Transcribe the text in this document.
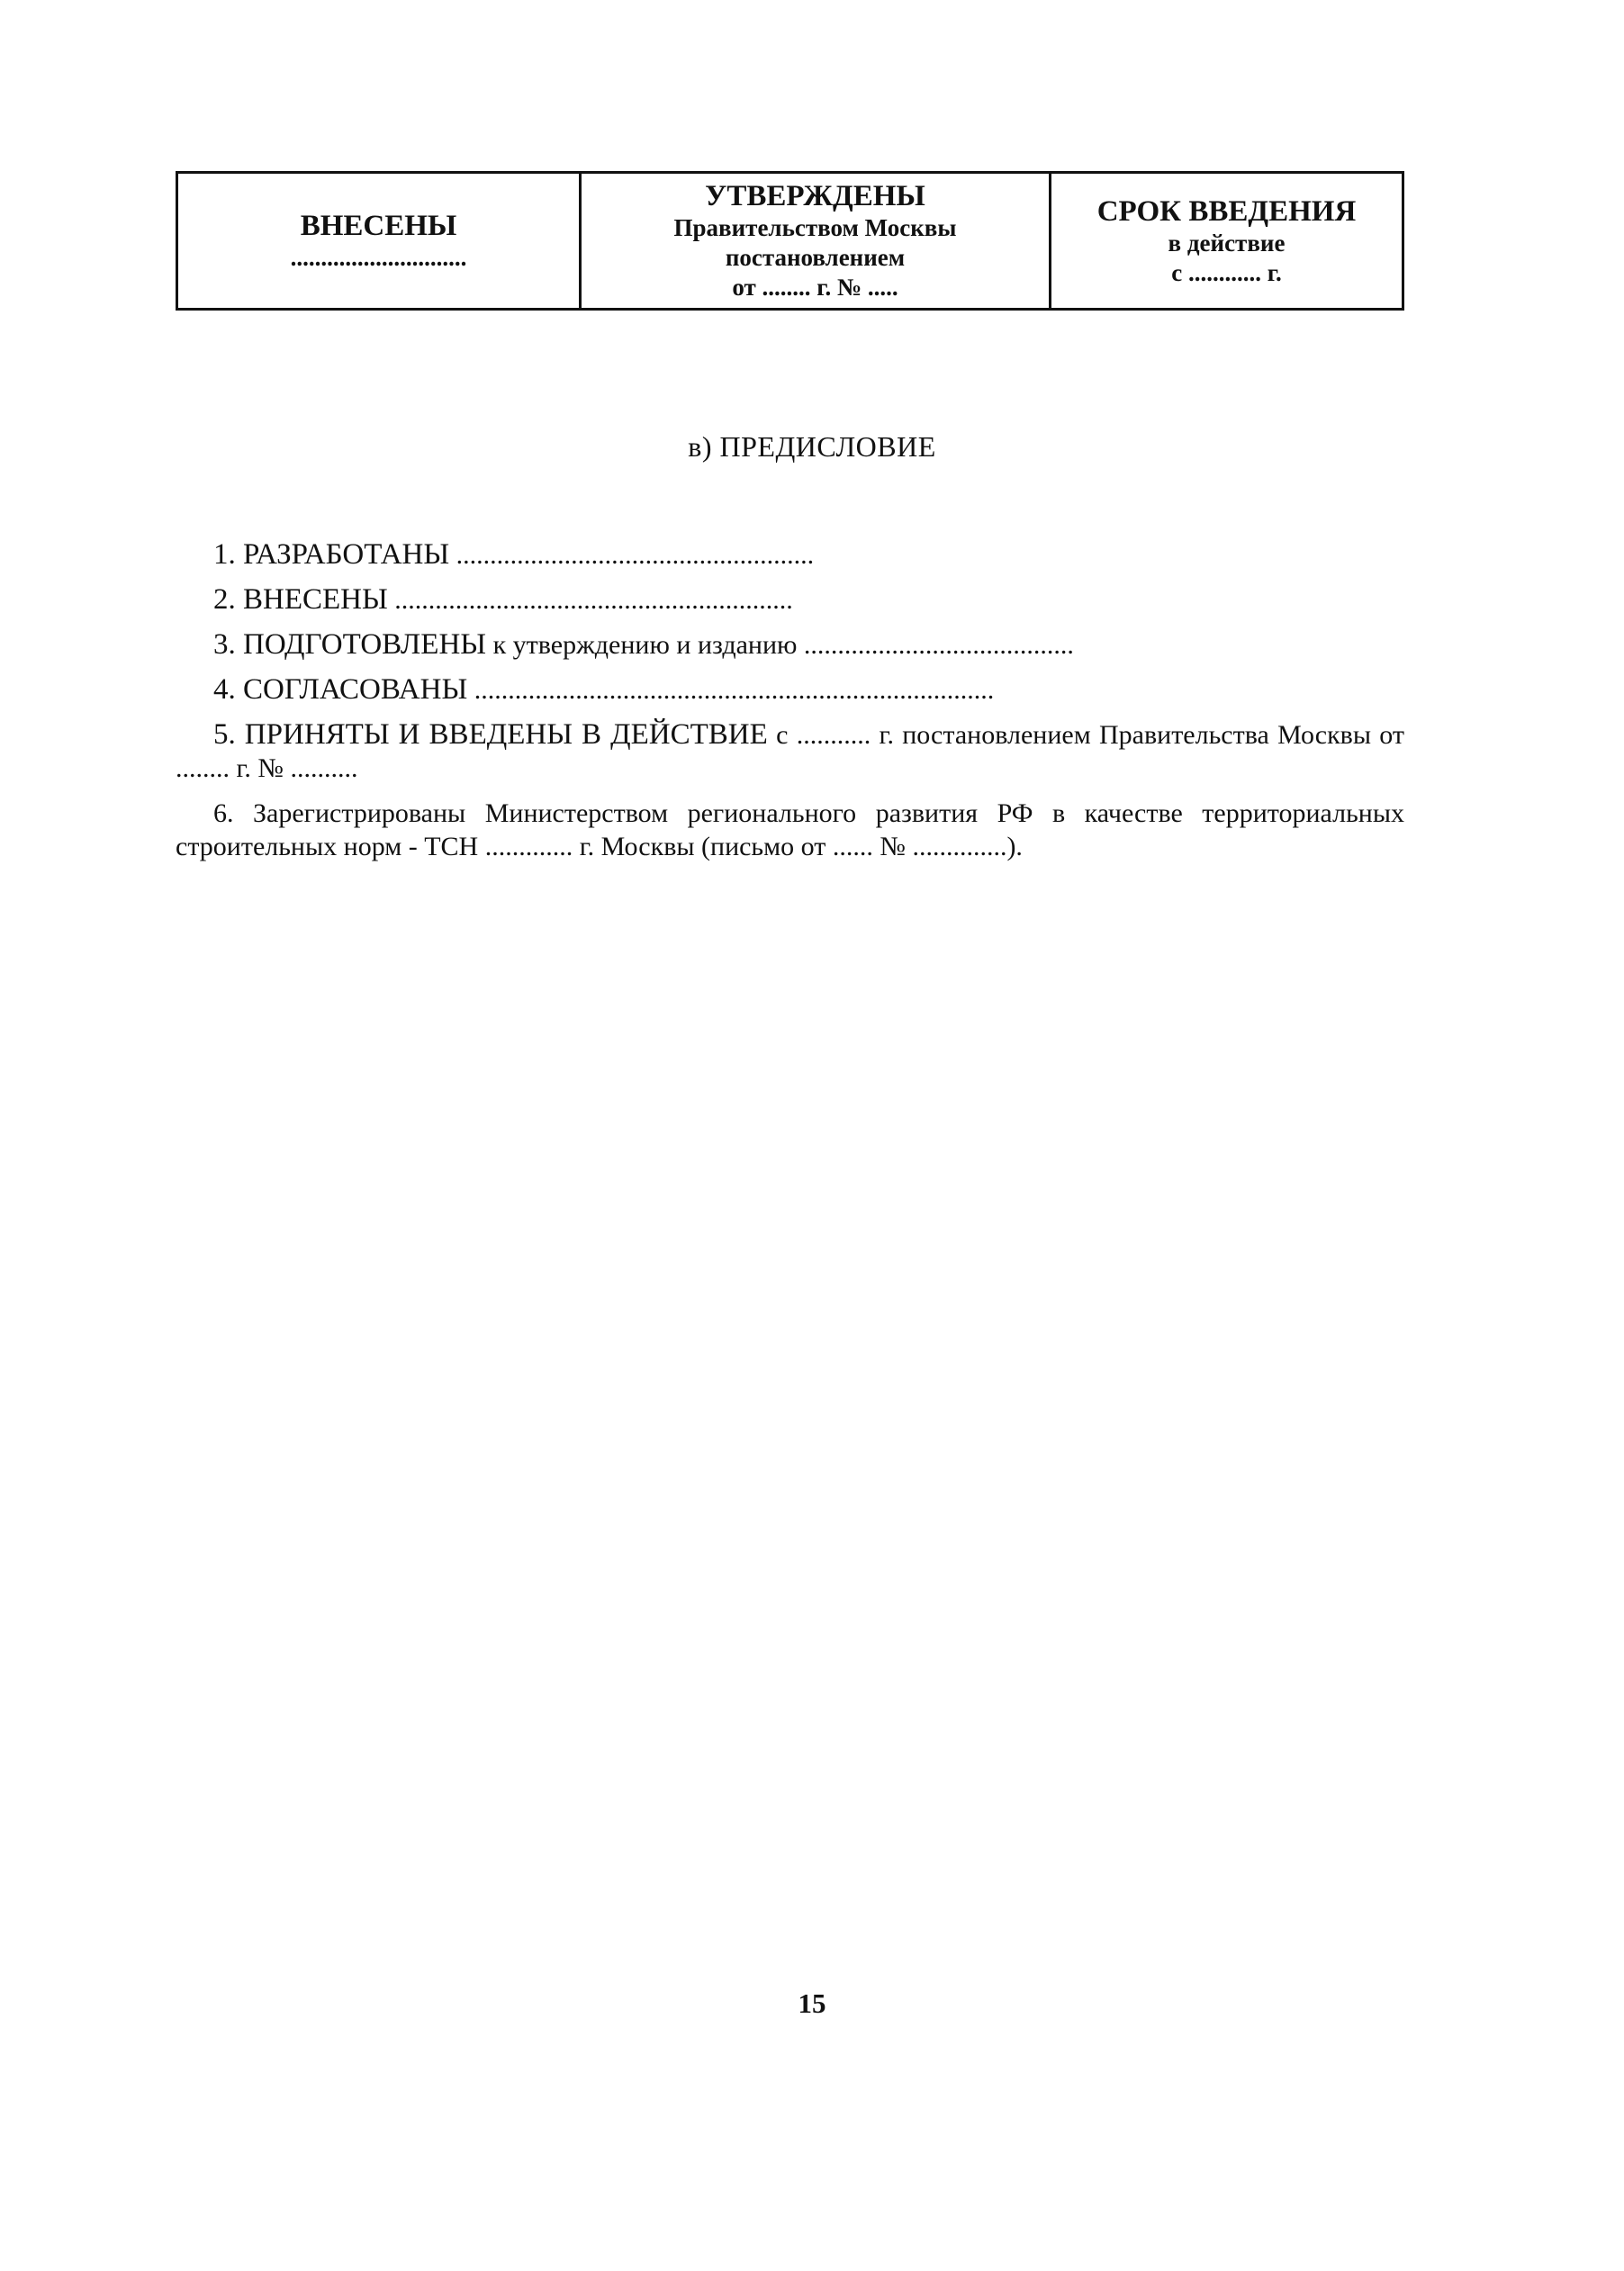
ВНЕСЕНЫ
.............................
УТВЕРЖДЕНЫ
Правительством Москвы
постановлением
от ........ г. № .....
СРОК ВВЕДЕНИЯ
в действие
с ............ г.
в) ПРЕДИСЛОВИЕ

1. РАЗРАБОТАНЫ .....................................................

2. ВНЕСЕНЫ ...........................................................

3. ПОДГОТОВЛЕНЫ к утверждению и изданию ........................................

4. СОГЛАСОВАНЫ .............................................................................

5. ПРИНЯТЫ И ВВЕДЕНЫ В ДЕЙСТВИЕ с ........... г. постановлением Правительства Москвы от ........ г. № ..........

6. Зарегистрированы Министерством регионального развития РФ в качестве территориальных строительных норм - ТСН ............. г. Москвы (письмо от ...... № ..............).

15
